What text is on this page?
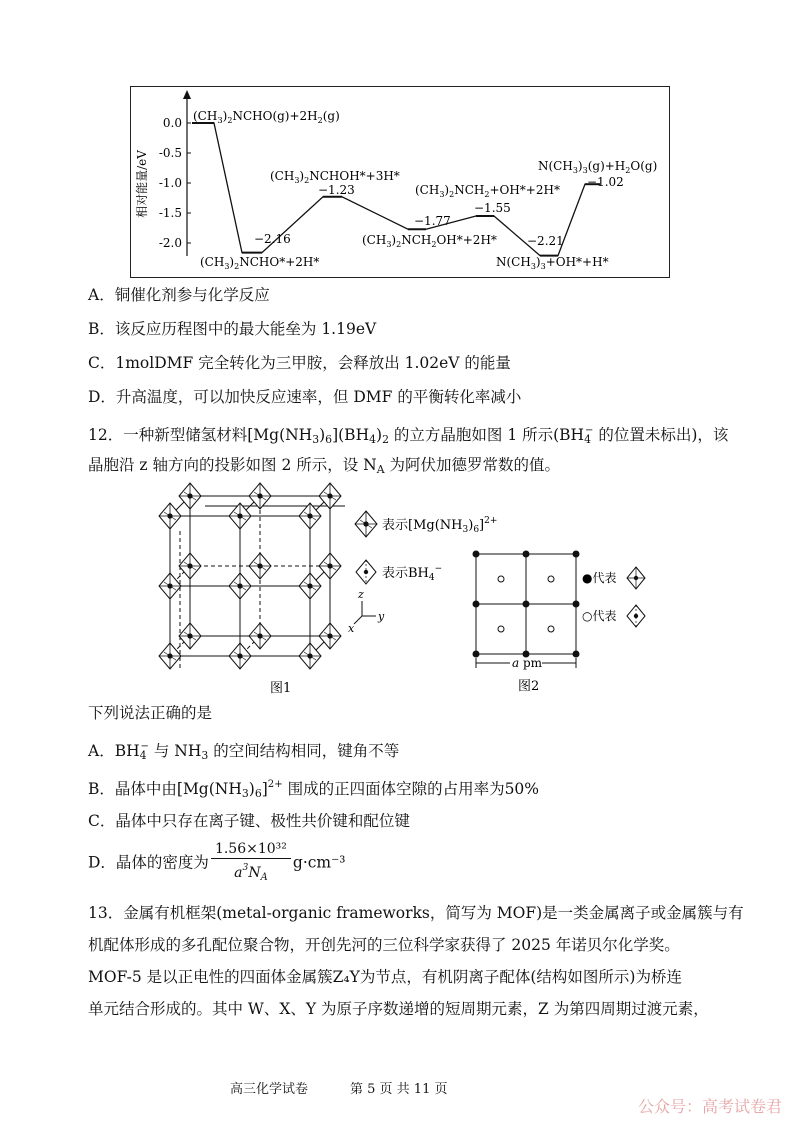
0.0
-0.5
-1.0
-1.5
-2.0
相对能量/eV
$(CH_3)_2NCHO(g)+2H_2(g)$
$(CH_3)_2NCHO*+2H*$
$(CH_3)_2NCHOH*+3H*$
$(CH_3)_2NCH_2OH*+2H*$
$(CH_3)_2NCH_2+OH*+2H*$
$N(CH_3)_3+OH*+H*$
$N(CH_3)_3(g)+H_2O(g)$
−2.16
−1.23
−1.77
−1.55
−2.21
−1.02
A．铜催化剂参与化学反应
B．该反应历程图中的最大能垒为 1.19eV
C．1molDMF 完全转化为三甲胺，会释放出 1.02eV 的能量
D．升高温度，可以加快反应速率，但 DMF 的平衡转化率减小
12．一种新型储氢材料$[Mg(NH_3)_6](BH_4)_2$ 的立方晶胞如图 1 所示($BH_4^-$ 的位置未标出)，该
晶胞沿 z 轴方向的投影如图 2 所示，设 $N_A$ 为阿伏加德罗常数的值。
表示$[Mg(NH_3)_6]^{2+}$
表示$BH_4^-$
z
y
x
图1
a pm
图2
●代表
○代表
下列说法正确的是
A．$BH_4^-$ 与 $NH_3$ 的空间结构相同，键角不等
B．晶体中由$[Mg(NH_3)_6]^{2+}$ 围成的正四面体空隙的占用率为50%
C．晶体中只存在离子键、极性共价键和配位键
D．晶体的密度为 $\frac{\text{1.56×10³²}}{a^3N_A} g\cdot cm^{-3}$
13．金属有机框架(metal-organic frameworks，简写为 MOF)是一类金属离子或金属簇与有
机配体形成的多孔配位聚合物，开创先河的三位科学家获得了 2025 年诺贝尔化学奖。
MOF-5 是以正电性的四面体金属簇Z₄Y为节点，有机阴离子配体(结构如图所示)为桥连
单元结合形成的。其中 W、X、Y 为原子序数递增的短周期元素，Z 为第四周期过渡元素，
高三化学试卷	第 5 页 共 11 页
公众号：高考试卷君
